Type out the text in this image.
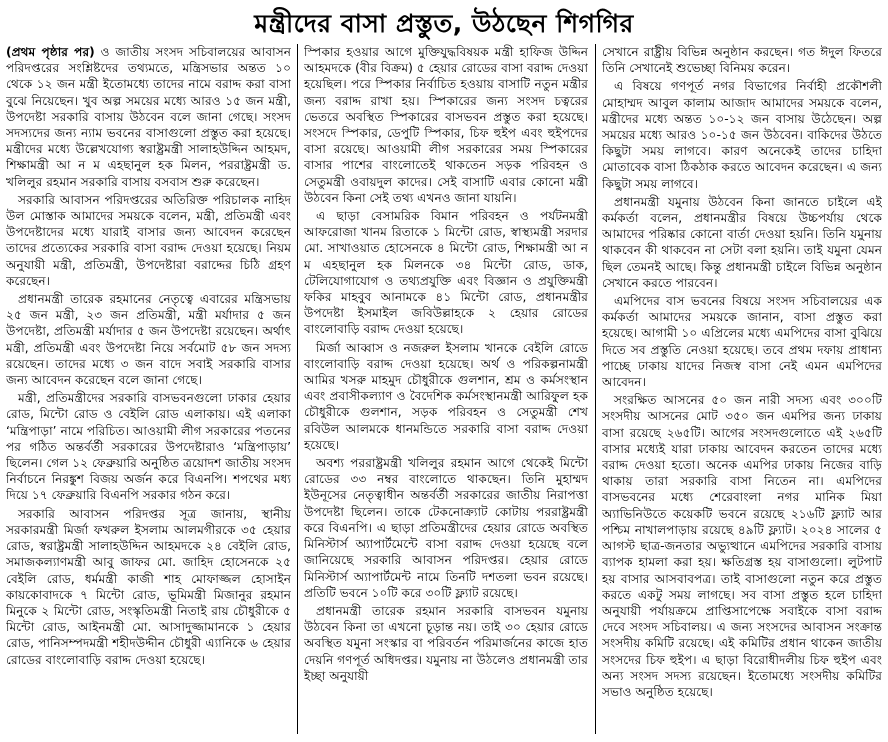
মন্ত্রীদের বাসা প্রস্তুত, উঠছেন শিগগির

(প্রথম পৃষ্ঠার পর) ও জাতীয় সংসদ সচিবালয়ের আবাসন পরিদপ্তরের সংশ্লিষ্টদের তথ্যমতে, মন্ত্রিসভার অন্তত ১০ থেকে ১২ জন মন্ত্রী ইতোমধ্যে তাদের নামে বরাদ্দ করা বাসা বুঝে নিয়েছেন। খুব অল্প সময়ের মধ্যে আরও ১৫ জন মন্ত্রী, উপদেষ্টা সরকারি বাসায় উঠবেন বলে জানা গেছে। সংসদ সদস্যদের জন্য ন্যাম ভবনের বাসাগুলো প্রস্তুত করা হয়েছে। মন্ত্রীদের মধ্যে উল্লেখযোগ্য স্বরাষ্ট্রমন্ত্রী সালাহউদ্দিন আহমদ, শিক্ষামন্ত্রী আ ন ম এহছানুল হক মিলন, পররাষ্ট্রমন্ত্রী ড. খলিলুর রহমান সরকারি বাসায় বসবাস শুরু করেছেন।

সরকারি আবাসন পরিদপ্তরের অতিরিক্ত পরিচালক নাহিদ উল মোস্তাক আমাদের সময়কে বলেন, মন্ত্রী, প্রতিমন্ত্রী এবং উপদেষ্টাদের মধ্যে যারাই বাসার জন্য আবেদন করেছেন তাদের প্রত্যেকের সরকারি বাসা বরাদ্দ দেওয়া হয়েছে। নিয়ম অনুযায়ী মন্ত্রী, প্রতিমন্ত্রী, উপদেষ্টারা বরাদ্দের চিঠি গ্রহণ করেছেন।

প্রধানমন্ত্রী তারেক রহমানের নেতৃত্বে এবারের মন্ত্রিসভায় ২৫ জন মন্ত্রী, ২৩ জন প্রতিমন্ত্রী, মন্ত্রী মর্যাদার ৫ জন উপদেষ্টা, প্রতিমন্ত্রী মর্যাদার ৫ জন উপদেষ্টা রয়েছেন। অর্থাৎ মন্ত্রী, প্রতিমন্ত্রী এবং উপদেষ্টা নিয়ে সর্বমোট ৫৮ জন সদস্য রয়েছেন। তাদের মধ্যে ৩ জন বাদে সবাই সরকারি বাসার জন্য আবেদন করেছেন বলে জানা গেছে।

মন্ত্রী, প্রতিমন্ত্রীদের সরকারি বাসভবনগুলো ঢাকার হেয়ার রোড, মিন্টো রোড ও বেইলি রোড এলাকায়। এই এলাকা ‘মন্ত্রিপাড়া’ নামে পরিচিত। আওয়ামী লীগ সরকারের পতনের পর গঠিত অন্তর্বর্তী সরকারের উপদেষ্টারাও ‘মন্ত্রিপাড়ায়’ ছিলেন। গেল ১২ ফেব্রুয়ারি অনুষ্ঠিত ত্রয়োদশ জাতীয় সংসদ নির্বাচনে নিরঙ্কুশ বিজয় অর্জন করে বিএনপি। শপথের মধ্য দিয়ে ১৭ ফেব্রুয়ারি বিএনপি সরকার গঠন করে।

সরকারি আবাসন পরিদপ্তর সূত্র জানায়, স্থানীয় সরকারমন্ত্রী মির্জা ফখরুল ইসলাম আলমগীরকে ৩৫ হেয়ার রোড, স্বরাষ্ট্রমন্ত্রী সালাহউদ্দিন আহমদকে ২৪ বেইলি রোড, সমাজকল্যাণমন্ত্রী আবু জাফর মো. জাহিদ হোসেনকে ২৫ বেইলি রোড, ধর্মমন্ত্রী কাজী শাহ মোফাজ্জল হোসাইন কায়কোবাদকে ৭ মিন্টো রোড, ভূমিমন্ত্রী মিজানুর রহমান মিনুকে ২ মিন্টো রোড, সংস্কৃতিমন্ত্রী নিতাই রায় চৌধুরীকে ৫ মিন্টো রোড, আইনমন্ত্রী মো. আসাদুজ্জামানকে ১ হেয়ার রোড, পানিসম্পদমন্ত্রী শহীদউদ্দীন চৌধুরী এ্যানিকে ৬ হেয়ার রোডের বাংলোবাড়ি বরাদ্দ দেওয়া হয়েছে।

স্পিকার হওয়ার আগে মুক্তিযুদ্ধবিষয়ক মন্ত্রী হাফিজ উদ্দিন আহমদকে (বীর বিক্রম) ৫ হেয়ার রোডের বাসা বরাদ্দ দেওয়া হয়েছিল। পরে স্পিকার নির্বাচিত হওয়ায় বাসাটি নতুন মন্ত্রীর জন্য বরাদ্দ রাখা হয়। স্পিকারের জন্য সংসদ চত্বরের ভেতরে অবস্থিত স্পিকারের বাসভবন প্রস্তুত করা হয়েছে। সংসদে স্পিকার, ডেপুটি স্পিকার, চিফ হুইপ এবং হুইপদের বাসা রয়েছে। আওয়ামী লীগ সরকারের সময় স্পিকারের বাসার পাশের বাংলোতেই থাকতেন সড়ক পরিবহন ও সেতুমন্ত্রী ওবায়দুল কাদের। সেই বাসাটি এবার কোনো মন্ত্রী উঠবেন কিনা সেই তথ্য এখনও জানা যায়নি।

এ ছাড়া বেসামরিক বিমান পরিবহন ও পর্যটনমন্ত্রী আফরোজা খানম রিতাকে ১ মিন্টো রোড, স্বাস্থ্যমন্ত্রী সরদার মো. সাখাওয়াত হোসেনকে ৪ মিন্টো রোড, শিক্ষামন্ত্রী আ ন ম এহছানুল হক মিলনকে ৩৪ মিন্টো রোড, ডাক, টেলিযোগাযোগ ও তথ্যপ্রযুক্তি এবং বিজ্ঞান ও প্রযুক্তিমন্ত্রী ফকির মাহবুব আনামকে ৪১ মিন্টো রোড, প্রধানমন্ত্রীর উপদেষ্টা ইসমাইল জবিউল্লাহকে ২ হেয়ার রোডের বাংলোবাড়ি বরাদ্দ দেওয়া হয়েছে।

মির্জা আব্বাস ও নজরুল ইসলাম খানকে বেইলি রোডে বাংলোবাড়ি বরাদ্দ দেওয়া হয়েছে। অর্থ ও পরিকল্পনামন্ত্রী আমির খসরু মাহমুদ চৌধুরীকে গুলশান, শ্রম ও কর্মসংস্থান এবং প্রবাসীকল্যাণ ও বৈদেশিক কর্মসংস্থানমন্ত্রী আরিফুল হক চৌধুরীকে গুলশান, সড়ক পরিবহন ও সেতুমন্ত্রী শেখ রবিউল আলমকে ধানমন্ডিতে সরকারি বাসা বরাদ্দ দেওয়া হয়েছে।

অবশ্য পররাষ্ট্রমন্ত্রী খলিলুর রহমান আগে থেকেই মিন্টো রোডের ৩৩ নম্বর বাংলোতে থাকছেন। তিনি মুহাম্মদ ইউনূসের নেতৃত্বাধীন অন্তর্বর্তী সরকারের জাতীয় নিরাপত্তা উপদেষ্টা ছিলেন। তাকে টেকনোক্র্যাট কোটায় পররাষ্ট্রমন্ত্রী করে বিএনপি। এ ছাড়া প্রতিমন্ত্রীদের হেয়ার রোডে অবস্থিত মিনিস্টার্স অ্যাপার্টমেন্টে বাসা বরাদ্দ দেওয়া হয়েছে বলে জানিয়েছে সরকারি আবাসন পরিদপ্তর। হেয়ার রোডে মিনিস্টার্স অ্যাপার্টমেন্ট নামে তিনটি দশতলা ভবন রয়েছে। প্রতিটি ভবনে ১০টি করে ৩০টি ফ্ল্যাট রয়েছে।

প্রধানমন্ত্রী তারেক রহমান সরকারি বাসভবন যমুনায় উঠবেন কিনা তা এখনো চূড়ান্ত নয়। তাই ৩০ হেয়ার রোডে অবস্থিত যমুনা সংস্কার বা পরিবর্তন পরিমার্জনের কাজে হাত দেয়নি গণপূর্ত অধিদপ্তর। যমুনায় না উঠলেও প্রধানমন্ত্রী তার ইচ্ছা অনুযায়ী

সেখানে রাষ্ট্রীয় বিভিন্ন অনুষ্ঠান করছেন। গত ঈদুল ফিতরে তিনি সেখানেই শুভেচ্ছা বিনিময় করেন।

এ বিষয়ে গণপূর্ত নগর বিভাগের নির্বাহী প্রকৌশলী মোহাম্মদ আবুল কালাম আজাদ আমাদের সময়কে বলেন, মন্ত্রীদের মধ্যে অন্তত ১০-১২ জন বাসায় উঠেছেন। অল্প সময়ের মধ্যে আরও ১০-১৫ জন উঠবেন। বাকিদের উঠতে কিছুটা সময় লাগবে। কারণ অনেকেই তাদের চাহিদা মোতাবেক বাসা ঠিকঠাক করতে আবেদন করেছেন। এ জন্য কিছুটা সময় লাগবে।

প্রধানমন্ত্রী যমুনায় উঠবেন কিনা জানতে চাইলে এই কর্মকর্তা বলেন, প্রধানমন্ত্রীর বিষয়ে উচ্চপর্যায় থেকে আমাদের পরিষ্কার কোনো বার্তা দেওয়া হয়নি। তিনি যমুনায় থাকবেন কী থাকবেন না সেটা বলা হয়নি। তাই যমুনা যেমন ছিল তেমনই আছে। কিন্তু প্রধানমন্ত্রী চাইলে বিভিন্ন অনুষ্ঠান সেখানে করতে পারবেন।

এমপিদের বাস ভবনের বিষয়ে সংসদ সচিবালয়ের এক কর্মকর্তা আমাদের সময়কে জানান, বাসা প্রস্তুত করা হয়েছে। আগামী ১০ এপ্রিলের মধ্যে এমপিদের বাসা বুঝিয়ে দিতে সব প্রস্তুতি নেওয়া হয়েছে। তবে প্রথম দফায় প্রাধান্য পাচ্ছে ঢাকায় যাদের নিজস্ব বাসা নেই এমন এমপিদের আবেদন।

সংরক্ষিত আসনের ৫০ জন নারী সদস্য এবং ৩০০টি সংসদীয় আসনের মোট ৩৫০ জন এমপির জন্য ঢাকায় বাসা রয়েছে ২৬৫টি। আগের সংসদগুলোতে এই ২৬৫টি বাসার মধ্যেই যারা ঢাকায় আবেদন করতেন তাদের মধ্যে বরাদ্দ দেওয়া হতো। অনেক এমপির ঢাকায় নিজের বাড়ি থাকায় তারা সরকারি বাসা নিতেন না। এমপিদের বাসভবনের মধ্যে শেরেবাংলা নগর মানিক মিয়া অ্যাভিনিউতে কয়েকটি ভবনে রয়েছে ২১৬টি ফ্ল্যাট আর পশ্চিম নাখালপাড়ায় রয়েছে ৪৯টি ফ্ল্যাট। ২০২৪ সালের ৫ আগস্ট ছাত্র-জনতার অভ্যুত্থানে এমপিদের সরকারি বাসায় ব্যাপক হামলা করা হয়। ক্ষতিগ্রস্ত হয় বাসাগুলো। লুটপাট হয় বাসার আসবাবপত্র। তাই বাসাগুলো নতুন করে প্রস্তুত করতে একটু সময় লাগছে। সব বাসা প্রস্তুত হলে চাহিদা অনুযায়ী পর্যায়ক্রমে প্রাপ্তিসাপেক্ষে সবাইকে বাসা বরাদ্দ দেবে সংসদ সচিবালয়। এ জন্য সংসদের আবাসন সংক্রান্ত সংসদীয় কমিটি রয়েছে। এই কমিটির প্রধান থাকেন জাতীয় সংসদের চিফ হুইপ। এ ছাড়া বিরোধীদলীয় চিফ হুইপ এবং অন্য সংসদ সদস্য রয়েছেন। ইতোমধ্যে সংসদীয় কমিটির সভাও অনুষ্ঠিত হয়েছে।
